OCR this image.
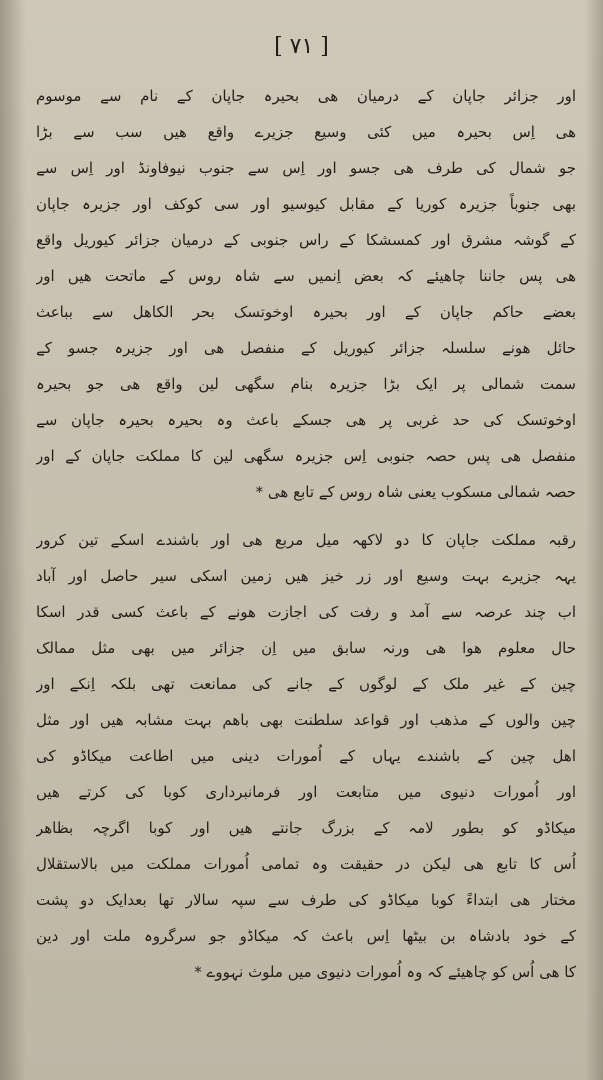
[ ۷۱ ]
اور جزائر جاپان کے درمیان ھی بحیرہ جاپان کے نام سے موسوم
ھی اِس بحیرہ میں کئی وسیع جزیرے واقع ھیں سب سے بڑا
جو شمال کی طرف ھی جسو اور اِس سے جنوب نیوفاونڈ اور اِس سے
بھی جنوباً جزیرہ کوریا کے مقابل کیوسیو اور سی کوکف اور جزیرہ جاپان
کے گوشہ مشرق اور کمسشکا کے راس جنوبی کے درمیان جزائر کیوریل واقع
ھی پس جاننا چاھیئے کہ بعض اِنمیں سے شاہ روس کے ماتحت ھیں اور
بعضے حاکم جاپان کے اور بحیرہ اوخوتسک بحر الکاھل سے بباعث
حائل ھونے سلسلہ جزائر کیوریل کے منفصل ھی اور جزیرہ جسو کے
سمت شمالی پر ایک بڑا جزیرہ بنام سگھی لین واقع ھی جو بحیرہ
اوخوتسک کی حد غربی پر ھی جسکے باعث وہ بحیرہ بحیرہ جاپان سے
منفصل ھی پس حصہ جنوبی اِس جزیرہ سگھی لین کا مملکت جاپان کے اور
حصہ شمالی مسکوب یعنی شاہ روس کے تابع ھی *
رقبہ مملکت جاپان کا دو لاکھہ میل مربع ھی اور باشندے اسکے تین کرور
یہہ جزیرے بہت وسیع اور زر خیز ھیں زمین اسکی سیر حاصل اور آباد
اب چند عرصہ سے آمد و رفت کی اجازت ھونے کے باعث کسی قدر اسکا
حال معلوم ھوا ھی ورنہ سابق میں اِن جزائر میں بھی مثل ممالک
چین کے غیر ملک کے لوگوں کے جانے کی ممانعت تھی بلکہ اِنکے اور
چین والوں کے مذھب اور قواعد سلطنت بھی باھم بہت مشابہ ھیں اور مثل
اھل چین کے باشندے یہاں کے اُمورات دینی میں اطاعت میکاڈو کی
اور اُمورات دنیوی میں متابعت اور فرمانبرداری کوبا کی کرتے ھیں
میکاڈو کو بطور لامہ کے بزرگ جانتے ھیں اور کوبا اگرچہ بظاھر
اُس کا تابع ھی لیکن در حقیقت وہ تمامی اُمورات مملکت میں بالاستقلال
مختار ھی ابتداءً کوبا میکاڈو کی طرف سے سپہ سالار تھا بعدایک دو پشت
کے خود بادشاہ بن بیٹھا اِس باعث کہ میکاڈو جو سرگروہ ملت اور دین
کا ھی اُس کو چاھیئے کہ وہ اُمورات دنیوی میں ملوث نہووے *
